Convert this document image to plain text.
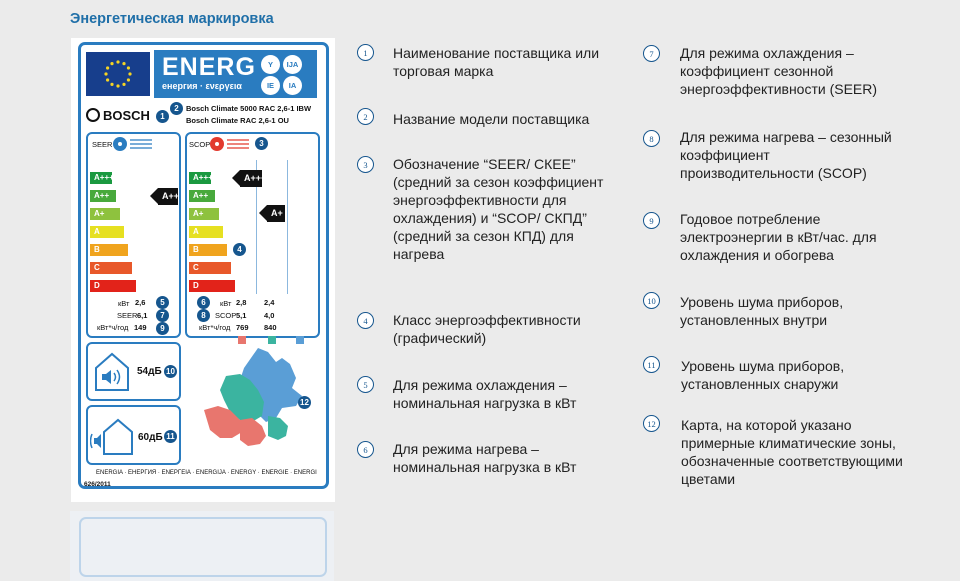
Энергетическая маркировка
ENERG
енергия · ενεργεια
Y	IJA
IE	IA
BOSCH	1
2 Bosch Climate 5000 RAC 2,6-1 IBW
Bosch Climate RAC 2,6-1 OU
SEER
A+++
A++
A+
A
B
C
D
A++
кВт 2,6	5
SEER 6,1	7
кВт*ч/год 149	9
SCOP	3
A+++
A++
A+
A
B
C
D
A+++
A+
4
6	кВт 2,8 2,4
8	SCOP 5,1 4,0
кВт*ч/год 769 840
54дБ 10
60дБ 11
12
ENERGIA · ЕНЕРГИЯ · ΕΝΕΡΓΕΙΑ · ENERGIJA · ENERGY · ENERGIE · ENERGI
626/2011
1	Наименование поставщика или торговая марка
2	Название модели поставщика
3	Обозначение “SEER/ СКЕЕ” (средний за сезон коэффициент энергоэффективности для охлаждения) и “SCOP/ СКПД” (средний за сезон КПД) для нагрева
4	Класс энергоэффективности (графический)
5	Для режима охлаждения – номинальная нагрузка в кВт
6	Для режима нагрева – номинальная нагрузка в кВт
7	Для режима охлаждения – коэффициент сезонной энергоэффективности (SEER)
8	Для режима нагрева – сезонный коэффициент производительности (SCOP)
9	Годовое потребление электроэнергии в кВт/час. для охлаждения и обогрева
10	Уровень шума приборов, установленных внутри
11	Уровень шума приборов, установленных снаружи
12	Карта, на которой указано примерные климатические зоны, обозначенные соответствующими цветами
